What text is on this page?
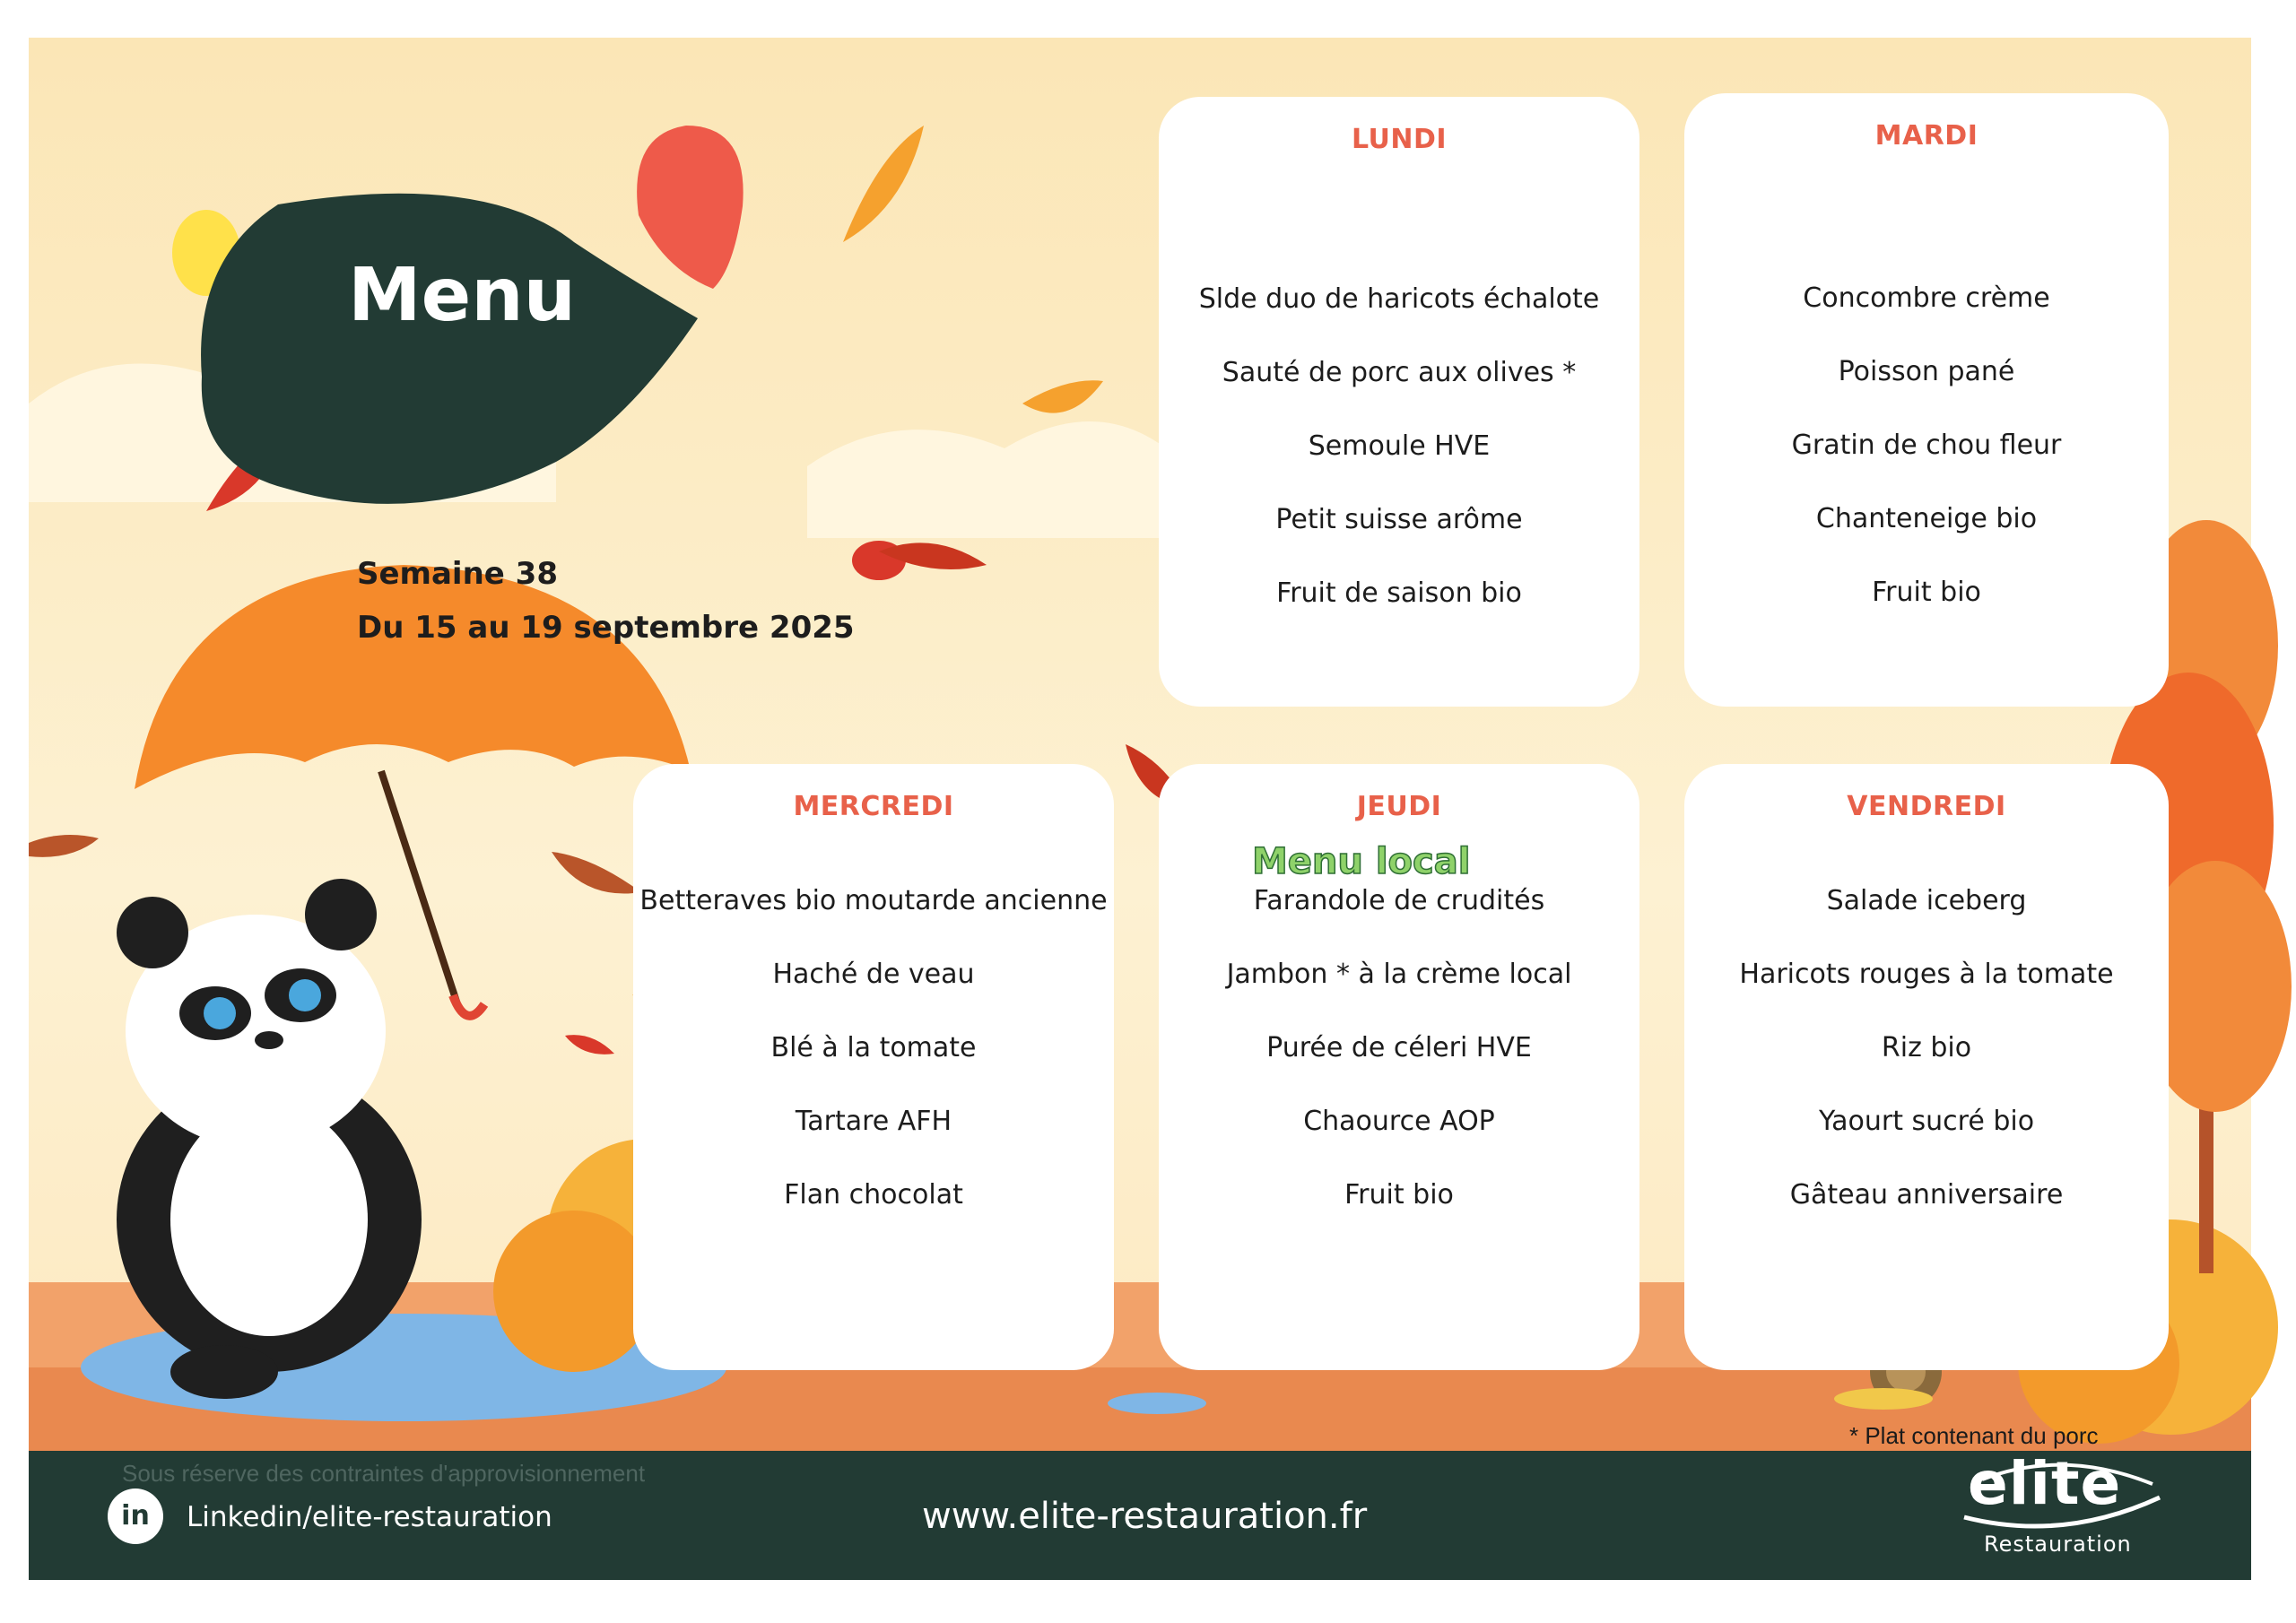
Menu
Semaine 38
Du 15 au 19 septembre 2025
LUNDI
Slde duo de haricots échalote
Sauté de porc aux olives *
Semoule HVE
Petit suisse arôme
Fruit de saison bio
MARDI
Concombre crème
Poisson pané
Gratin de chou fleur
Chanteneige bio
Fruit bio
MERCREDI
Betteraves bio moutarde ancienne
Haché de veau
Blé à la tomate
Tartare AFH
Flan chocolat
JEUDI
Menu local
Farandole de crudités
Jambon * à la crème local
Purée de céleri HVE
Chaource AOP
Fruit bio
VENDREDI
Salade iceberg
Haricots rouges à la tomate
Riz bio
Yaourt sucré bio
Gâteau anniversaire
* Plat contenant du porc
Sous réserve des contraintes d'approvisionnement
in	Linkedin/elite-restauration	www.elite-restauration.fr	elite
Restauration
